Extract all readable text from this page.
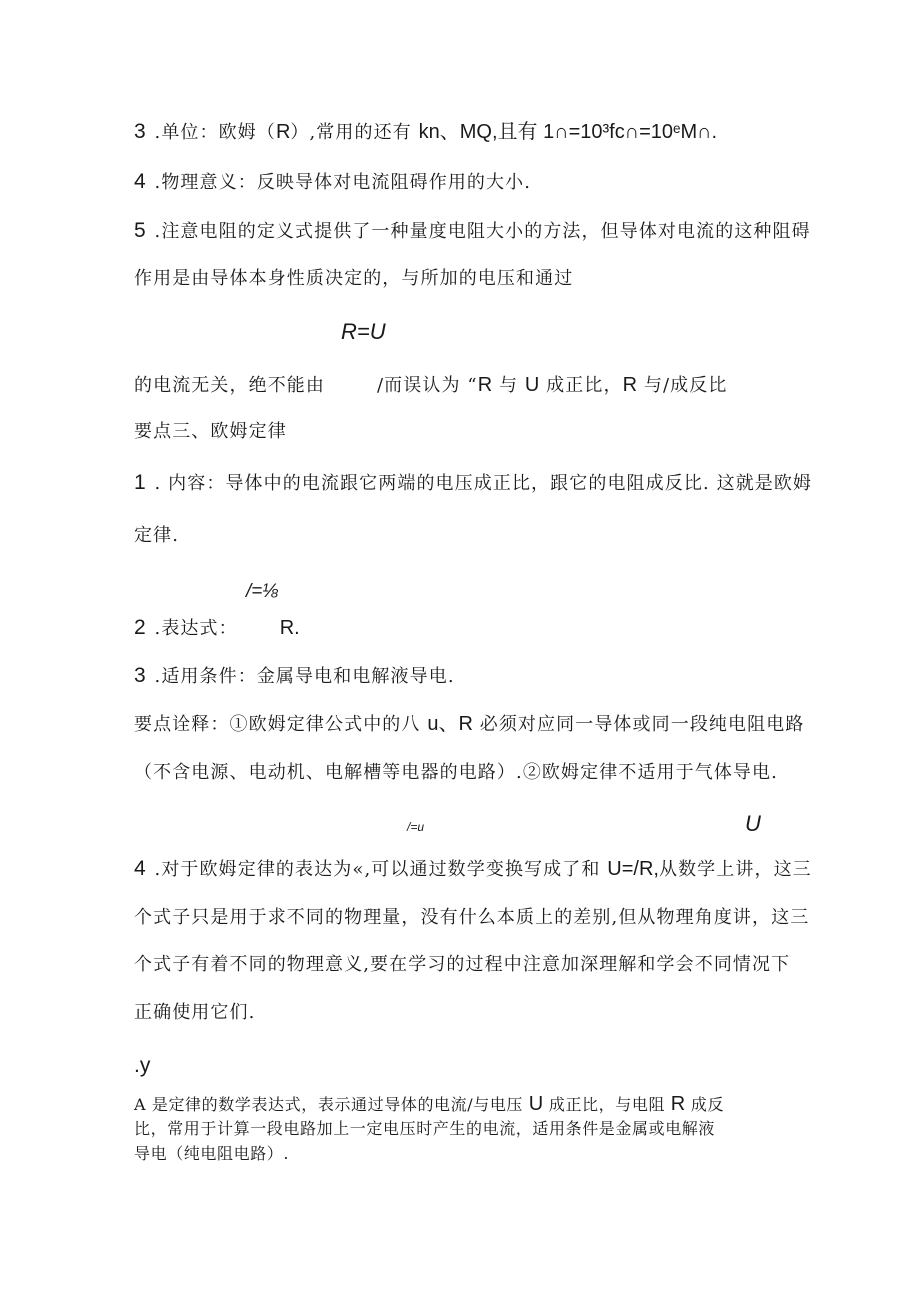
3 .单位：欧姆（R）,常用的还有 kn、MQ,且有 1∩=10³fc∩=10ᵉM∩.
4 .物理意义：反映导体对电流阻碍作用的大小.
5 .注意电阻的定义式提供了一种量度电阻大小的方法，但导体对电流的这种阻碍
作用是由导体本身性质决定的，与所加的电压和通过
R=U
的电流无关，绝不能由	/而误认为 “R 与 U 成正比，R 与/成反比
要点三、欧姆定律
1 . 内容：导体中的电流跟它两端的电压成正比，跟它的电阻成反比. 这就是欧姆
定律.
/=⅛
2 .表达式： R.
3 .适用条件：金属导电和电解液导电.
要点诠释：①欧姆定律公式中的八 u、R 必须对应同一导体或同一段纯电阻电路
（不含电源、电动机、电解槽等电器的电路）.②欧姆定律不适用于气体导电.
/=u	U
4 .对于欧姆定律的表达为«,可以通过数学变换写成了和 U=/R,从数学上讲，这三
个式子只是用于求不同的物理量，没有什么本质上的差别,但从物理角度讲，这三
个式子有着不同的物理意义,要在学习的过程中注意加深理解和学会不同情况下
正确使用它们.
.y
A 是定律的数学表达式，表示通过导体的电流/与电压 U 成正比，与电阻 R 成反
比，常用于计算一段电路加上一定电压时产生的电流，适用条件是金属或电解液
导电（纯电阻电路）.
